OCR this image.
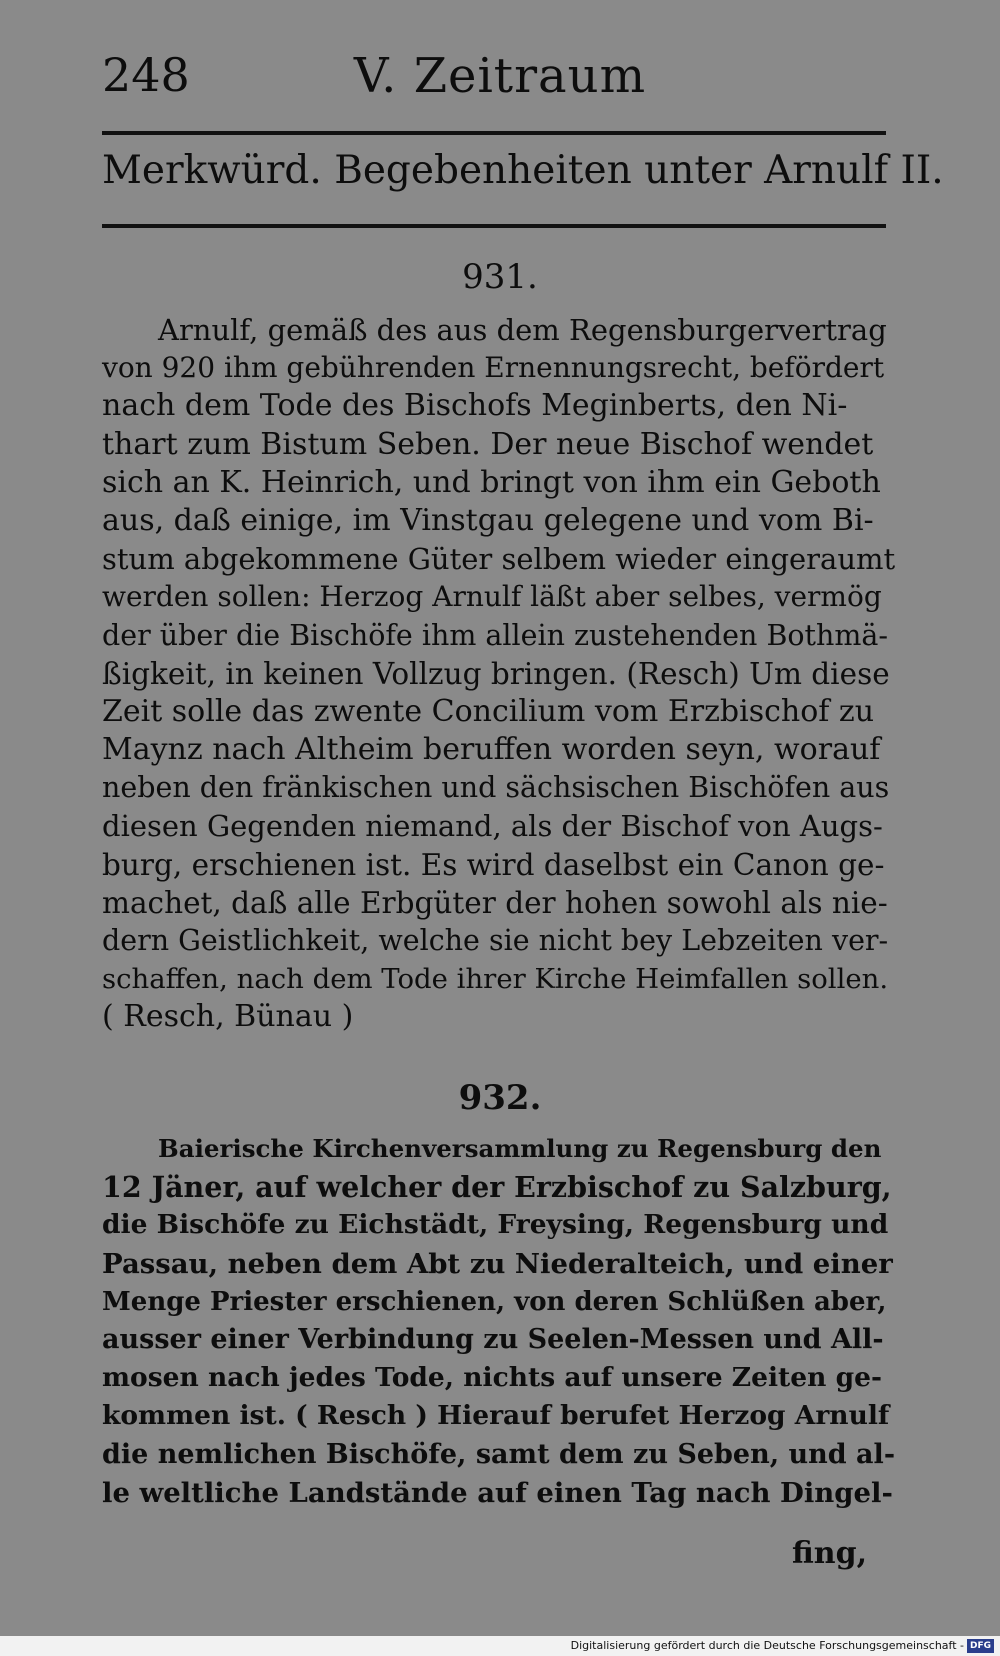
248	V. Zeitraum
Merkwürd. Begebenheiten unter Arnulf II.
931.
Arnulf, gemäß des aus dem Regensburgervertrag
von 920 ihm gebührenden Ernennungsrecht, befördert
nach dem Tode des Bischofs Meginberts, den Ni-
thart zum Bistum Seben. Der neue Bischof wendet
sich an K. Heinrich, und bringt von ihm ein Geboth
aus, daß einige, im Vinstgau gelegene und vom Bi-
stum abgekommene Güter selbem wieder eingeraumt
werden sollen: Herzog Arnulf läßt aber selbes, vermög
der über die Bischöfe ihm allein zustehenden Bothmä-
ßigkeit, in keinen Vollzug bringen. (Resch) Um diese
Zeit solle das zwente Concilium vom Erzbischof zu
Maynz nach Altheim beruffen worden seyn, worauf
neben den fränkischen und sächsischen Bischöfen aus
diesen Gegenden niemand, als der Bischof von Augs-
burg, erschienen ist. Es wird daselbst ein Canon ge-
machet, daß alle Erbgüter der hohen sowohl als nie-
dern Geistlichkeit, welche sie nicht bey Lebzeiten ver-
schaffen, nach dem Tode ihrer Kirche Heimfallen sollen.
( Resch, Bünau )
932.
Baierische Kirchenversammlung zu Regensburg den
12 Jäner, auf welcher der Erzbischof zu Salzburg,
die Bischöfe zu Eichstädt, Freysing, Regensburg und
Passau, neben dem Abt zu Niederalteich, und einer
Menge Priester erschienen, von deren Schlüßen aber,
ausser einer Verbindung zu Seelen-Messen und All-
mosen nach jedes Tode, nichts auf unsere Zeiten ge-
kommen ist. ( Resch ) Hierauf berufet Herzog Arnulf
die nemlichen Bischöfe, samt dem zu Seben, und al-
le weltliche Landstände auf einen Tag nach Dingel-
fing,
Digitalisierung gefördert durch die Deutsche Forschungsgemeinschaft - DFG
